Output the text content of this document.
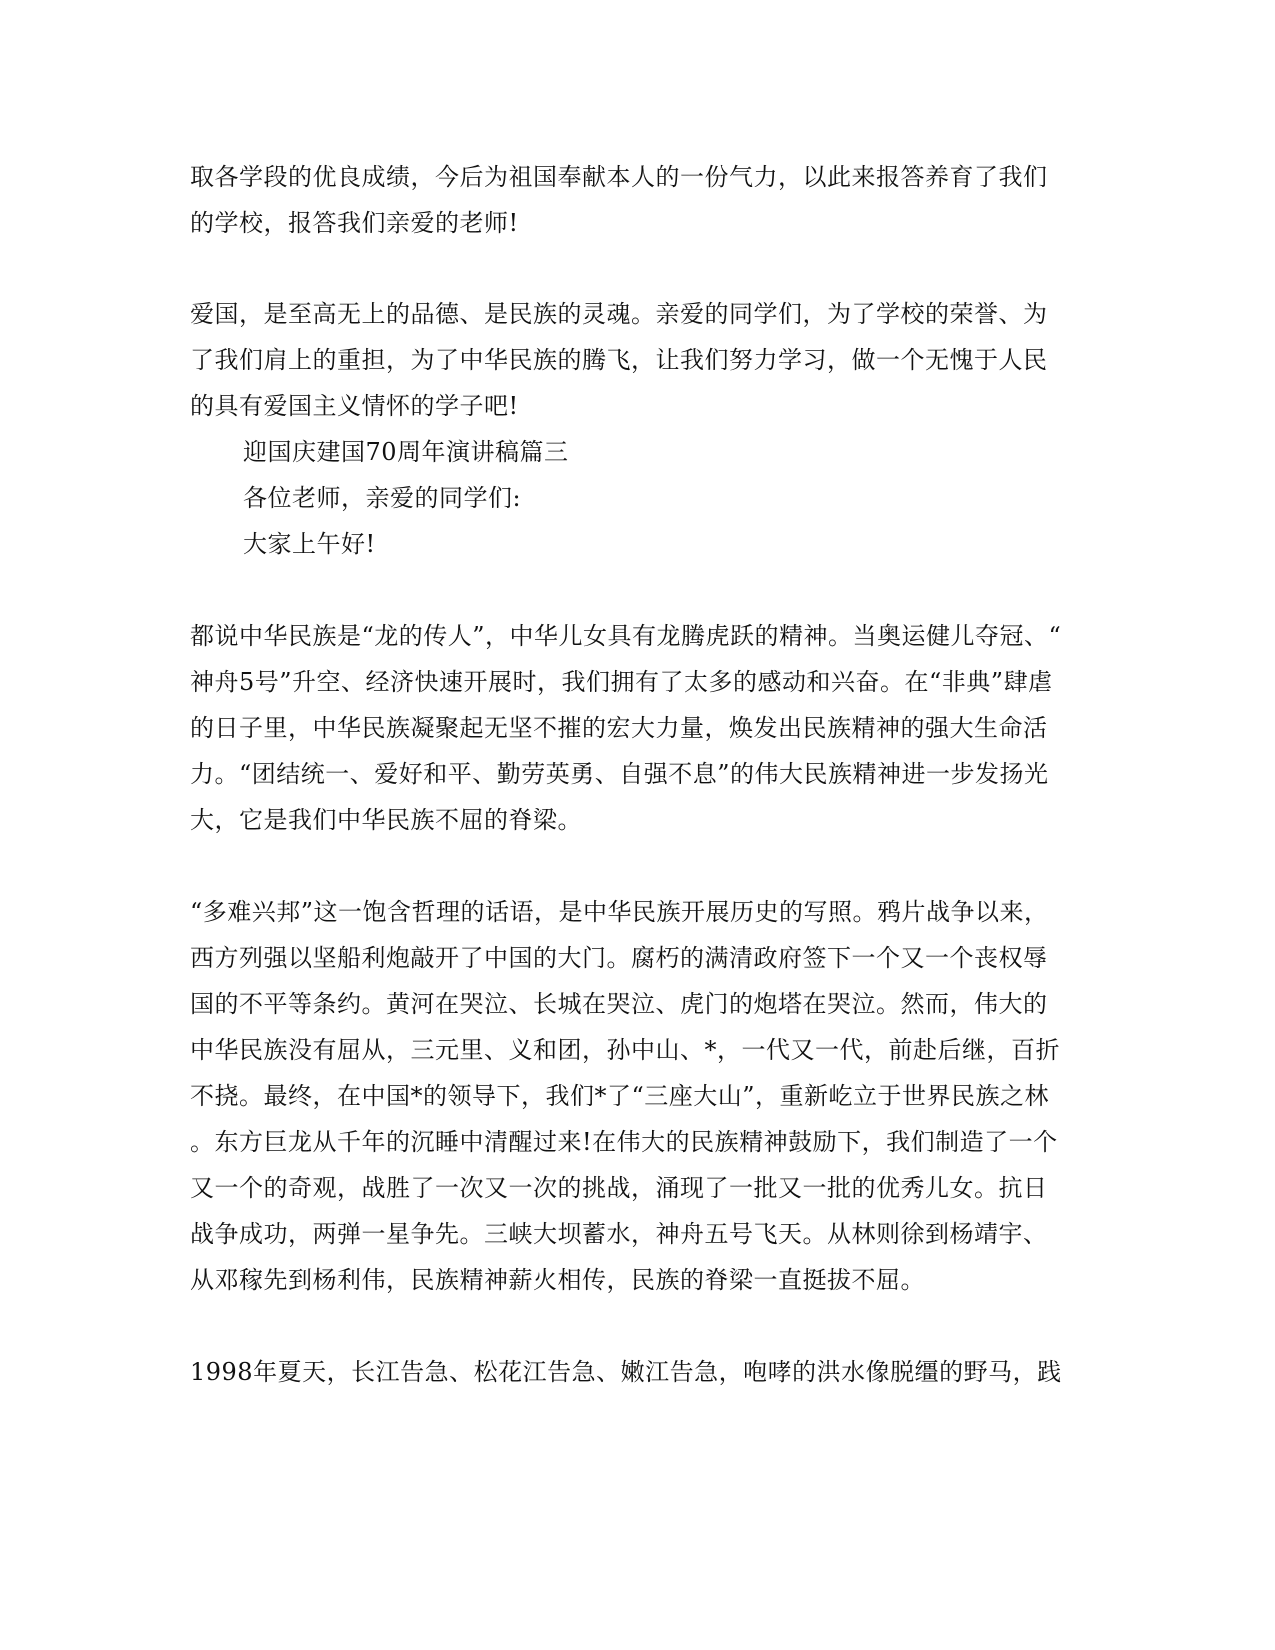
取各学段的优良成绩，今后为祖国奉献本人的一份气力，以此来报答养育了我们
的学校，报答我们亲爱的老师!
爱国，是至高无上的品德、是民族的灵魂。亲爱的同学们，为了学校的荣誉、为
了我们肩上的重担，为了中华民族的腾飞，让我们努力学习，做一个无愧于人民
的具有爱国主义情怀的学子吧!
迎国庆建国70周年演讲稿篇三
各位老师，亲爱的同学们:
大家上午好!
都说中华民族是“龙的传人”，中华儿女具有龙腾虎跃的精神。当奥运健儿夺冠、“
神舟5号”升空、经济快速开展时，我们拥有了太多的感动和兴奋。在“非典”肆虐
的日子里，中华民族凝聚起无坚不摧的宏大力量，焕发出民族精神的强大生命活
力。“团结统一、爱好和平、勤劳英勇、自强不息”的伟大民族精神进一步发扬光
大，它是我们中华民族不屈的脊梁。
“多难兴邦”这一饱含哲理的话语，是中华民族开展历史的写照。鸦片战争以来，
西方列强以坚船利炮敲开了中国的大门。腐朽的满清政府签下一个又一个丧权辱
国的不平等条约。黄河在哭泣、长城在哭泣、虎门的炮塔在哭泣。然而，伟大的
中华民族没有屈从，三元里、义和团，孙中山、*，一代又一代，前赴后继，百折
不挠。最终，在中国*的领导下，我们*了“三座大山”，重新屹立于世界民族之林
。东方巨龙从千年的沉睡中清醒过来!在伟大的民族精神鼓励下，我们制造了一个
又一个的奇观，战胜了一次又一次的挑战，涌现了一批又一批的优秀儿女。抗日
战争成功，两弹一星争先。三峡大坝蓄水，神舟五号飞天。从林则徐到杨靖宇、
从邓稼先到杨利伟，民族精神薪火相传，民族的脊梁一直挺拔不屈。
1998年夏天，长江告急、松花江告急、嫩江告急，咆哮的洪水像脱缰的野马，践
